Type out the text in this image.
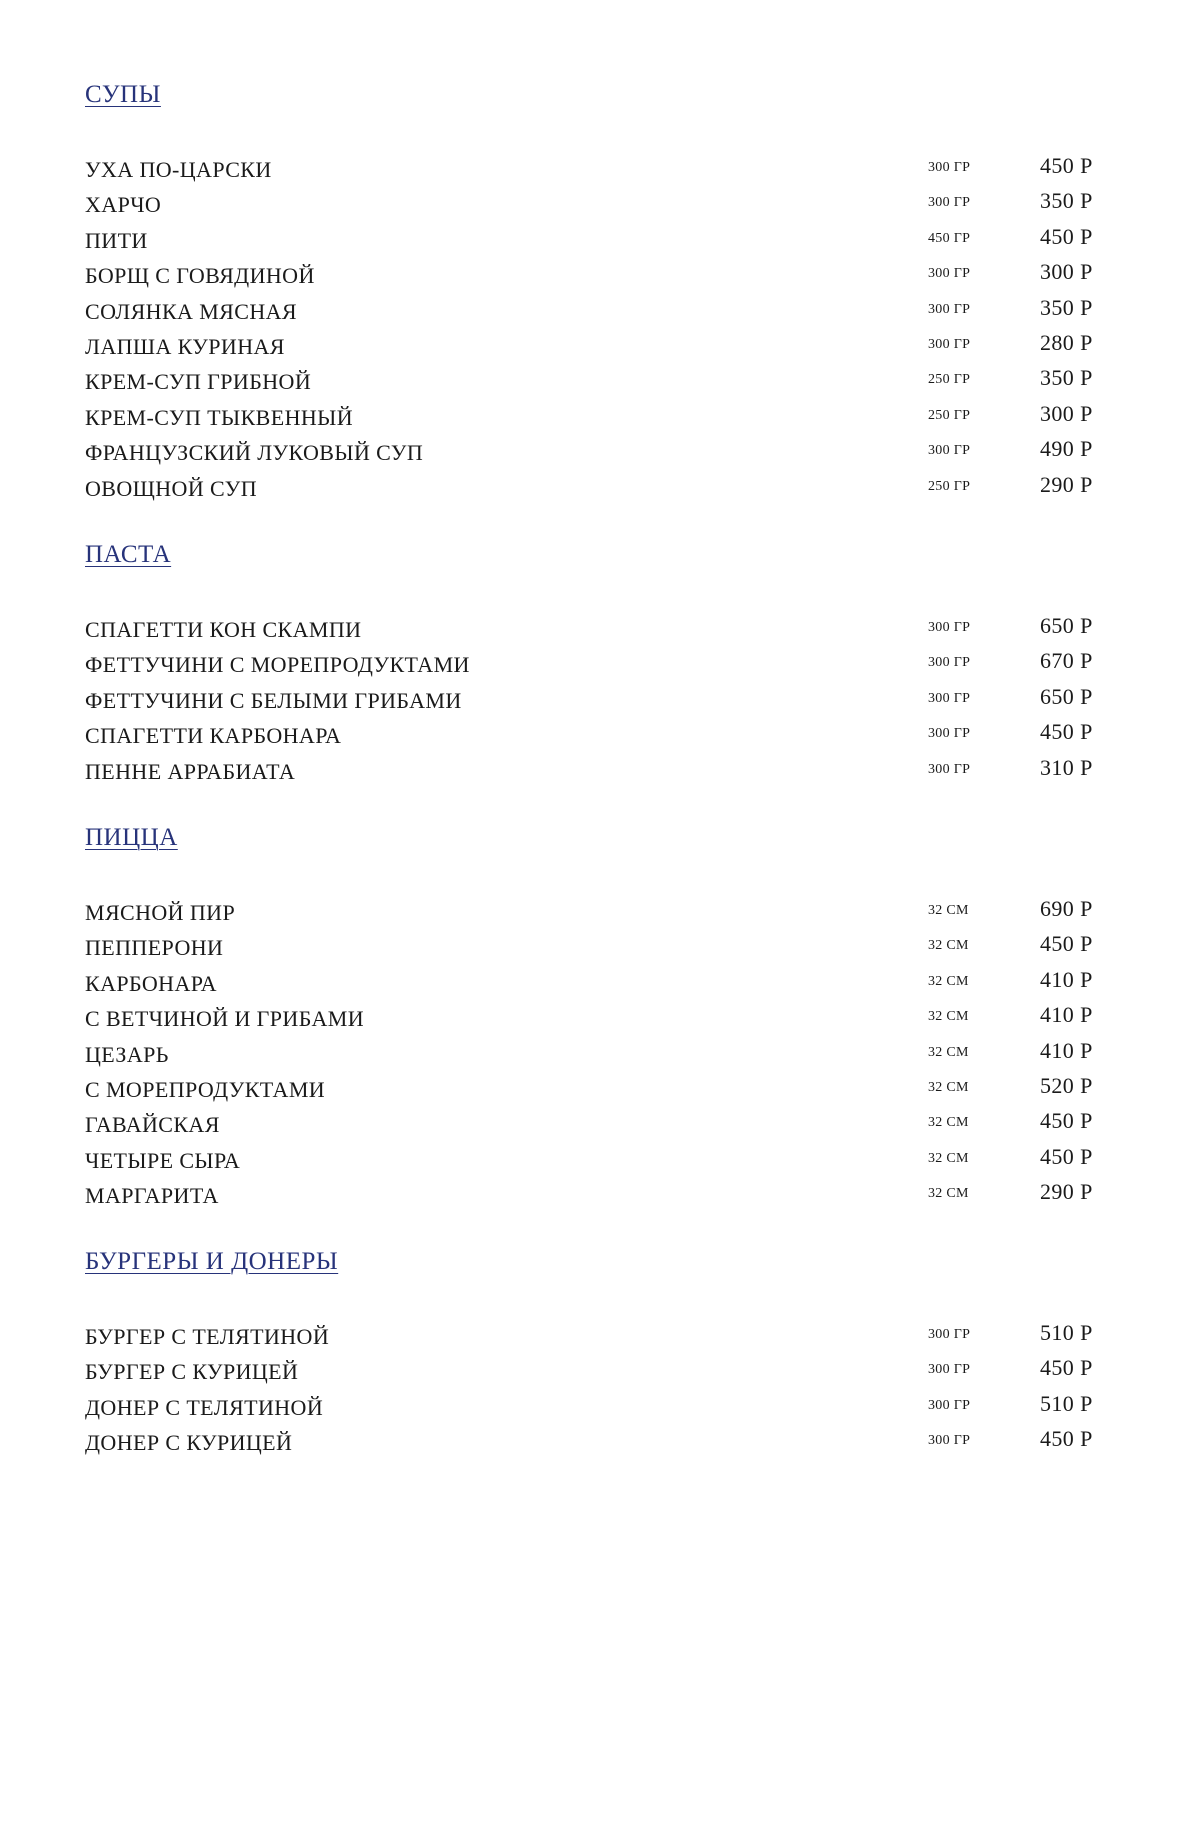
СУПЫ
УХА ПО-ЦАРСКИ	300 ГР	450 Р
ХАРЧО	300 ГР	350 Р
ПИТИ	450 ГР	450 Р
БОРЩ С ГОВЯДИНОЙ	300 ГР	300 Р
СОЛЯНКА МЯСНАЯ	300 ГР	350 Р
ЛАПША КУРИНАЯ	300 ГР	280 Р
КРЕМ-СУП ГРИБНОЙ	250 ГР	350 Р
КРЕМ-СУП ТЫКВЕННЫЙ	250 ГР	300 Р
ФРАНЦУЗСКИЙ ЛУКОВЫЙ СУП	300 ГР	490 Р
ОВОЩНОЙ СУП	250 ГР	290 Р
ПАСТА
СПАГЕТТИ КОН СКАМПИ	300 ГР	650 Р
ФЕТТУЧИНИ С МОРЕПРОДУКТАМИ	300 ГР	670 Р
ФЕТТУЧИНИ С БЕЛЫМИ ГРИБАМИ	300 ГР	650 Р
СПАГЕТТИ КАРБОНАРА	300 ГР	450 Р
ПЕННЕ АРРАБИАТА	300 ГР	310 Р
ПИЦЦА
МЯСНОЙ ПИР	32 СМ	690 Р
ПЕППЕРОНИ	32 СМ	450 Р
КАРБОНАРА	32 СМ	410 Р
С ВЕТЧИНОЙ И ГРИБАМИ	32 СМ	410 Р
ЦЕЗАРЬ	32 СМ	410 Р
С МОРЕПРОДУКТАМИ	32 СМ	520 Р
ГАВАЙСКАЯ	32 СМ	450 Р
ЧЕТЫРЕ СЫРА	32 СМ	450 Р
МАРГАРИТА	32 СМ	290 Р
БУРГЕРЫ И ДОНЕРЫ
БУРГЕР С ТЕЛЯТИНОЙ	300 ГР	510 Р
БУРГЕР С КУРИЦЕЙ	300 ГР	450 Р
ДОНЕР С ТЕЛЯТИНОЙ	300 ГР	510 Р
ДОНЕР С КУРИЦЕЙ	300 ГР	450 Р
